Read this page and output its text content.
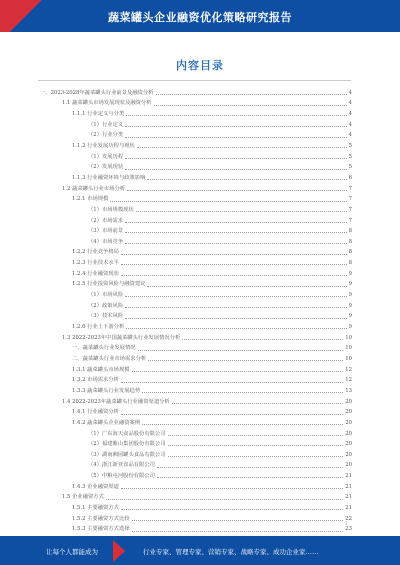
蔬菜罐头企业融资优化策略研究报告
内容目录
一、2023-2028年蔬菜罐头行业前景及融资分析	4
1.1 蔬菜罐头市场发展现状及融资分析	4
1.1.1 行业定义与分类	4
（1）行业定义	4
（2）行业分类	4
1.1.2 行业发展历程与现状	5
（1）发展历程	5
（2）发展现状	5
1.1.3 行业融资环境与政策影响	6
1.2 蔬菜罐头行业市场分析	7
1.2.1 市场规模	7
（1）市场规模现状	7
（2）市场需求	7
（3）市场前景	8
（4）市场竞争	8
1.2.2 行业竞争格局	8
1.2.3 行业技术水平	8
1.2.4 行业融资现状	9
1.2.5 行业投资风险与融资建议	9
（1）市场风险	9
（2）政策风险	9
（3）技术风险	9
1.2.6 行业上下游分析	9
1.3 2022-2023年中国蔬菜罐头行业发展情况分析	10
一、蔬菜罐头行业发展情况	10
二、蔬菜罐头行业市场需求分析	10
1.3.1 蔬菜罐头市场规模	12
1.3.2 市场需求分析	12
1.3.3 蔬菜罐头行业发展趋势	13
1.4 2022-2023年蔬菜罐头行业融资渠道分析	20
1.4.1 行业融资分析	20
1.4.2 蔬菜罐头企业融资案例	20
（1）广东海天食品股份有限公司	20
（2）福建紫山集团股份有限公司	20
（3）湖南湘园罐头食品有限公司	20
（4）浙江新亚食品有限公司	20
（5）中粮屯河股份有限公司	21
1.4.3 企业融资渠道	21
1.5 企业融资方式	21
1.5.1 主要融资方式	21
1.5.2 主要融资方式比较	22
1.5.3 主要融资方式选择	23
1
让每个人都能成为	行业专家、管理专家、营销专家、战略专家、成功企业家……
